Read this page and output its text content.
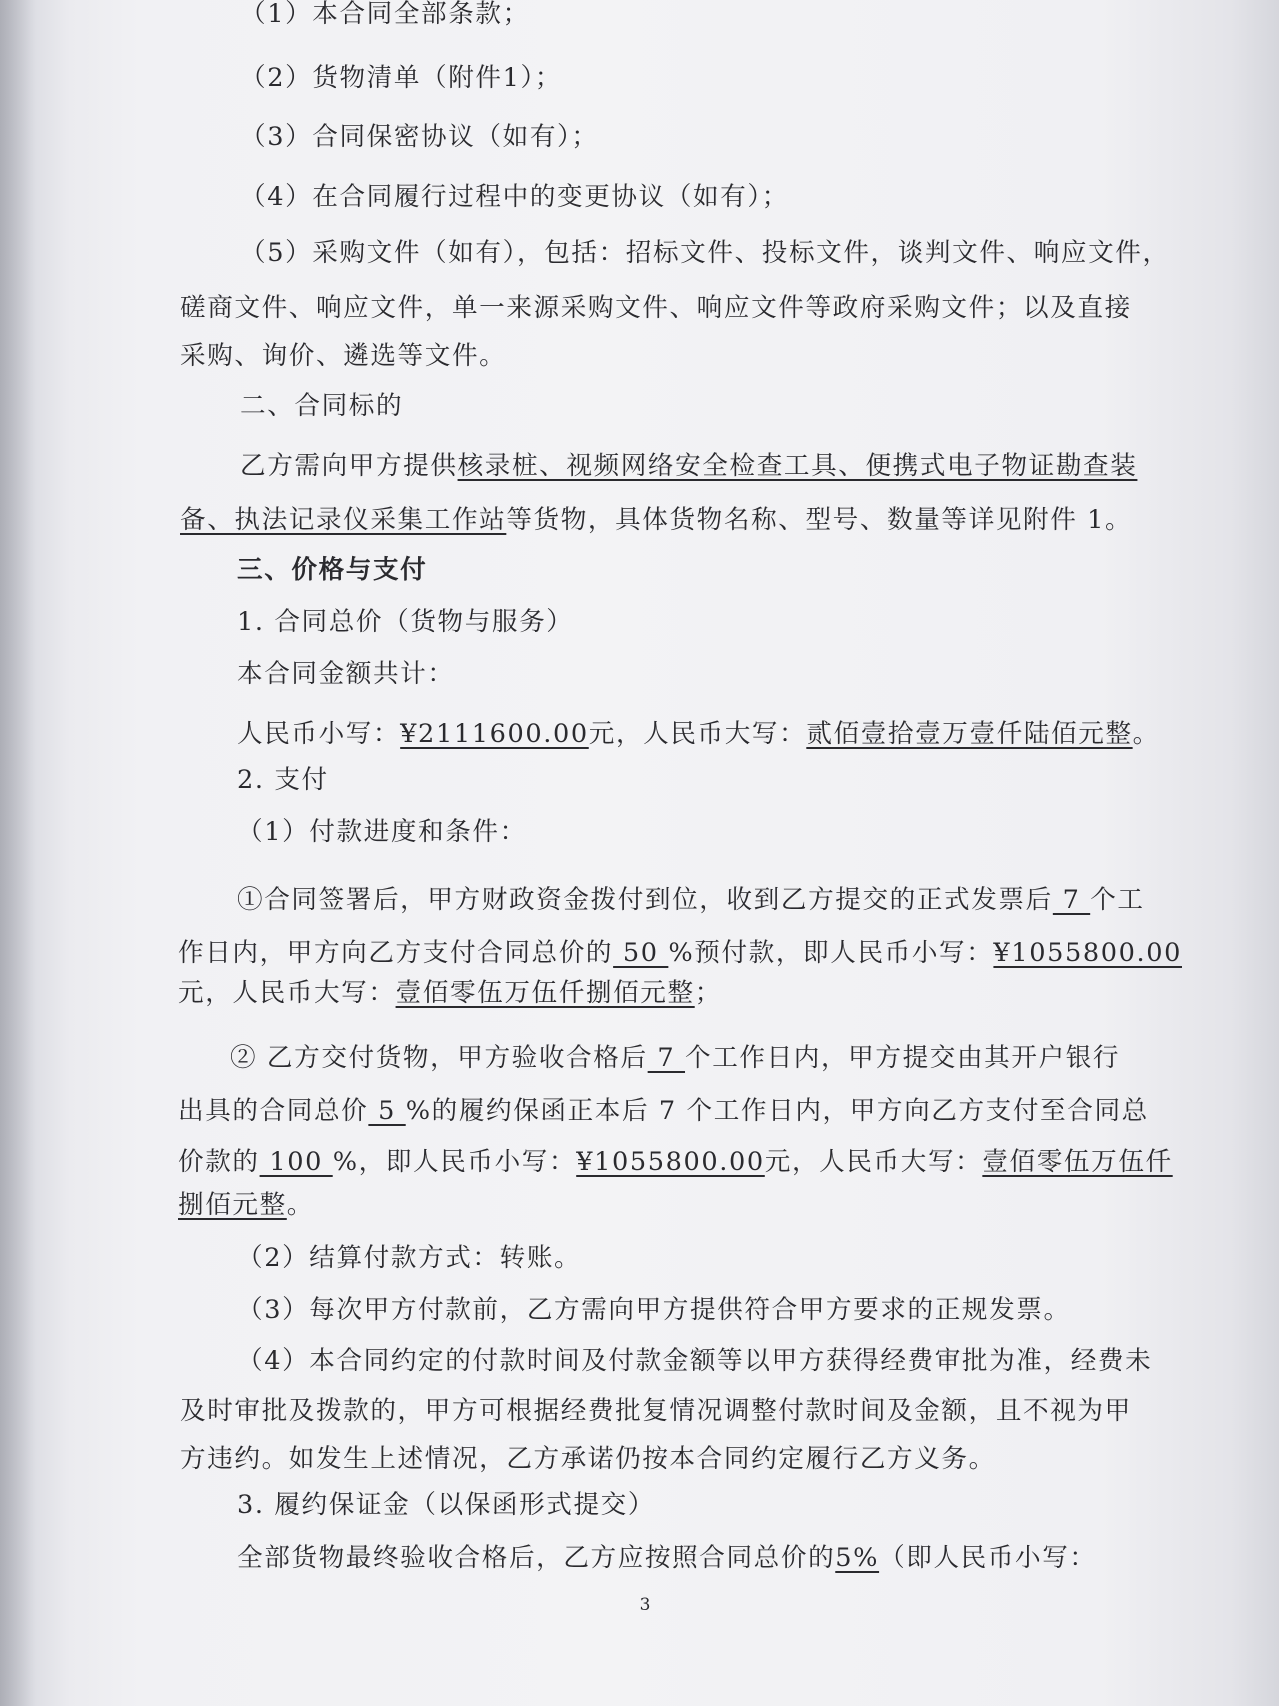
（1）本合同全部条款；
（2）货物清单（附件1）；
（3）合同保密协议（如有）；
（4）在合同履行过程中的变更协议（如有）；
（5）采购文件（如有），包括：招标文件、投标文件，谈判文件、响应文件，
磋商文件、响应文件，单一来源采购文件、响应文件等政府采购文件；以及直接
采购、询价、遴选等文件。
二、合同标的
乙方需向甲方提供核录桩、视频网络安全检查工具、便携式电子物证勘查装
备、执法记录仪采集工作站等货物，具体货物名称、型号、数量等详见附件 1。
三、价格与支付
1. 合同总价（货物与服务）
本合同金额共计：
人民币小写：¥2111600.00元，人民币大写：贰佰壹拾壹万壹仟陆佰元整。
2. 支付
（1）付款进度和条件：
①合同签署后，甲方财政资金拨付到位，收到乙方提交的正式发票后 7 个工
作日内，甲方向乙方支付合同总价的 50 %预付款，即人民币小写：¥1055800.00
元，人民币大写：壹佰零伍万伍仟捌佰元整；
② 乙方交付货物，甲方验收合格后 7 个工作日内，甲方提交由其开户银行
出具的合同总价 5 %的履约保函正本后 7 个工作日内，甲方向乙方支付至合同总
价款的 100 %，即人民币小写：¥1055800.00元，人民币大写：壹佰零伍万伍仟
捌佰元整。
（2）结算付款方式：转账。
（3）每次甲方付款前，乙方需向甲方提供符合甲方要求的正规发票。
（4）本合同约定的付款时间及付款金额等以甲方获得经费审批为准，经费未
及时审批及拨款的，甲方可根据经费批复情况调整付款时间及金额，且不视为甲
方违约。如发生上述情况，乙方承诺仍按本合同约定履行乙方义务。
3. 履约保证金（以保函形式提交）
全部货物最终验收合格后，乙方应按照合同总价的5%（即人民币小写：
3
